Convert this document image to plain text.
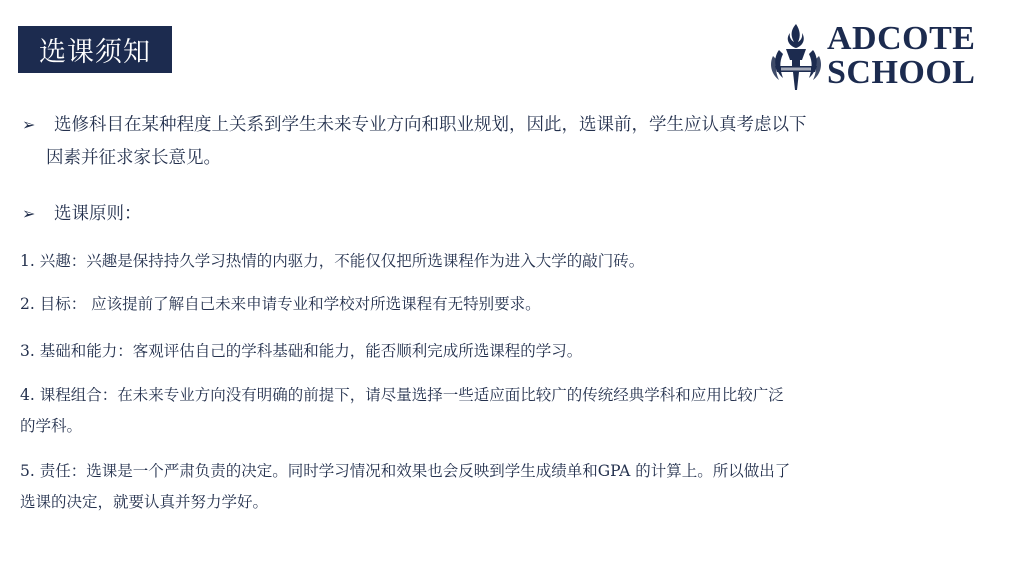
选课须知	ADCOTE
SCHOOL
➢ 选修科目在某种程度上关系到学生未来专业方向和职业规划，因此，选课前，学生应认真考虑以下
因素并征求家长意见。
➢ 选课原则：
1. 兴趣：兴趣是保持持久学习热情的内驱力，不能仅仅把所选课程作为进入大学的敲门砖。
2. 目标： 应该提前了解自己未来申请专业和学校对所选课程有无特别要求。
3. 基础和能力：客观评估自己的学科基础和能力，能否顺利完成所选课程的学习。
4. 课程组合：在未来专业方向没有明确的前提下，请尽量选择一些适应面比较广的传统经典学科和应用比较广泛
的学科。
5. 责任：选课是一个严肃负责的决定。同时学习情况和效果也会反映到学生成绩单和GPA 的计算上。所以做出了
选课的决定，就要认真并努力学好。
